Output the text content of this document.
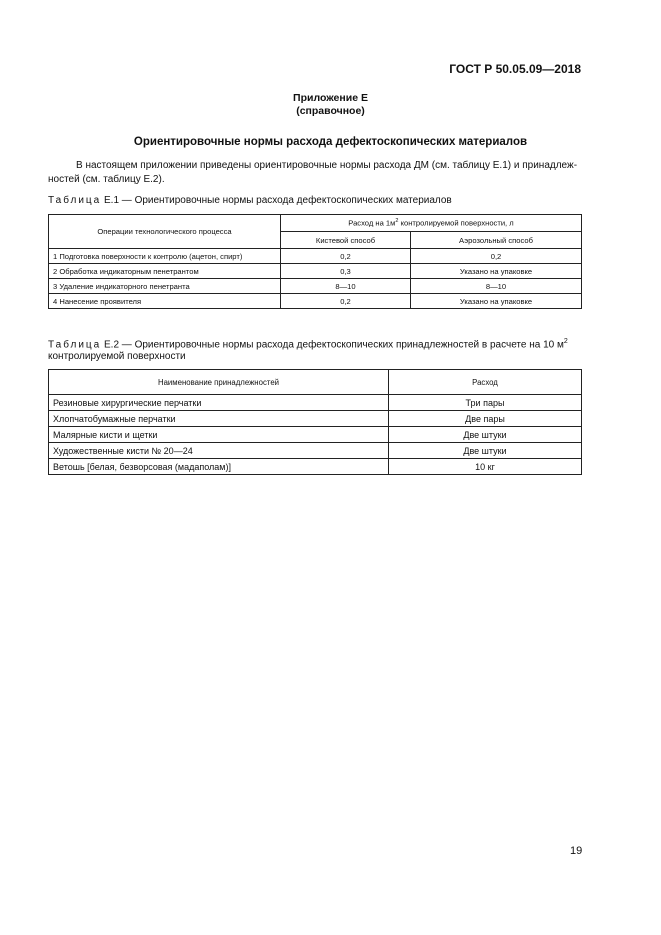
ГОСТ Р 50.05.09—2018
Приложение Е
(справочное)
Ориентировочные нормы расхода дефектоскопических материалов
В настоящем приложении приведены ориентировочные нормы расхода ДМ (см. таблицу Е.1) и принадлеж-
ностей (см. таблицу Е.2).
Таблица Е.1 — Ориентировочные нормы расхода дефектоскопических материалов
Операции технологического процесса	Расход на $1м^2$ контролируемой поверхности, л	
	Кистевой способ	Аэрозольный способ
1 Подготовка поверхности к контролю (ацетон, спирт)	0,2	0,2
2 Обработка индикаторным пенетрантом	0,3	Указано на упаковке
3 Удаление индикаторного пенетранта	8—10	8—10
4 Нанесение проявителя	0,2	Указано на упаковке
Таблица Е.2 — Ориентировочные нормы расхода дефектоскопических принадлежностей в расчете на 10 $м^2$
контролируемой поверхности
Наименование принадлежностей	Расход
Резиновые хирургические перчатки	Три пары
Хлопчатобумажные перчатки	Две пары
Малярные кисти и щетки	Две штуки
Художественные кисти № 20—24	Две штуки
Ветошь [белая, безворсовая (мадаполам)]	10 кг
19
